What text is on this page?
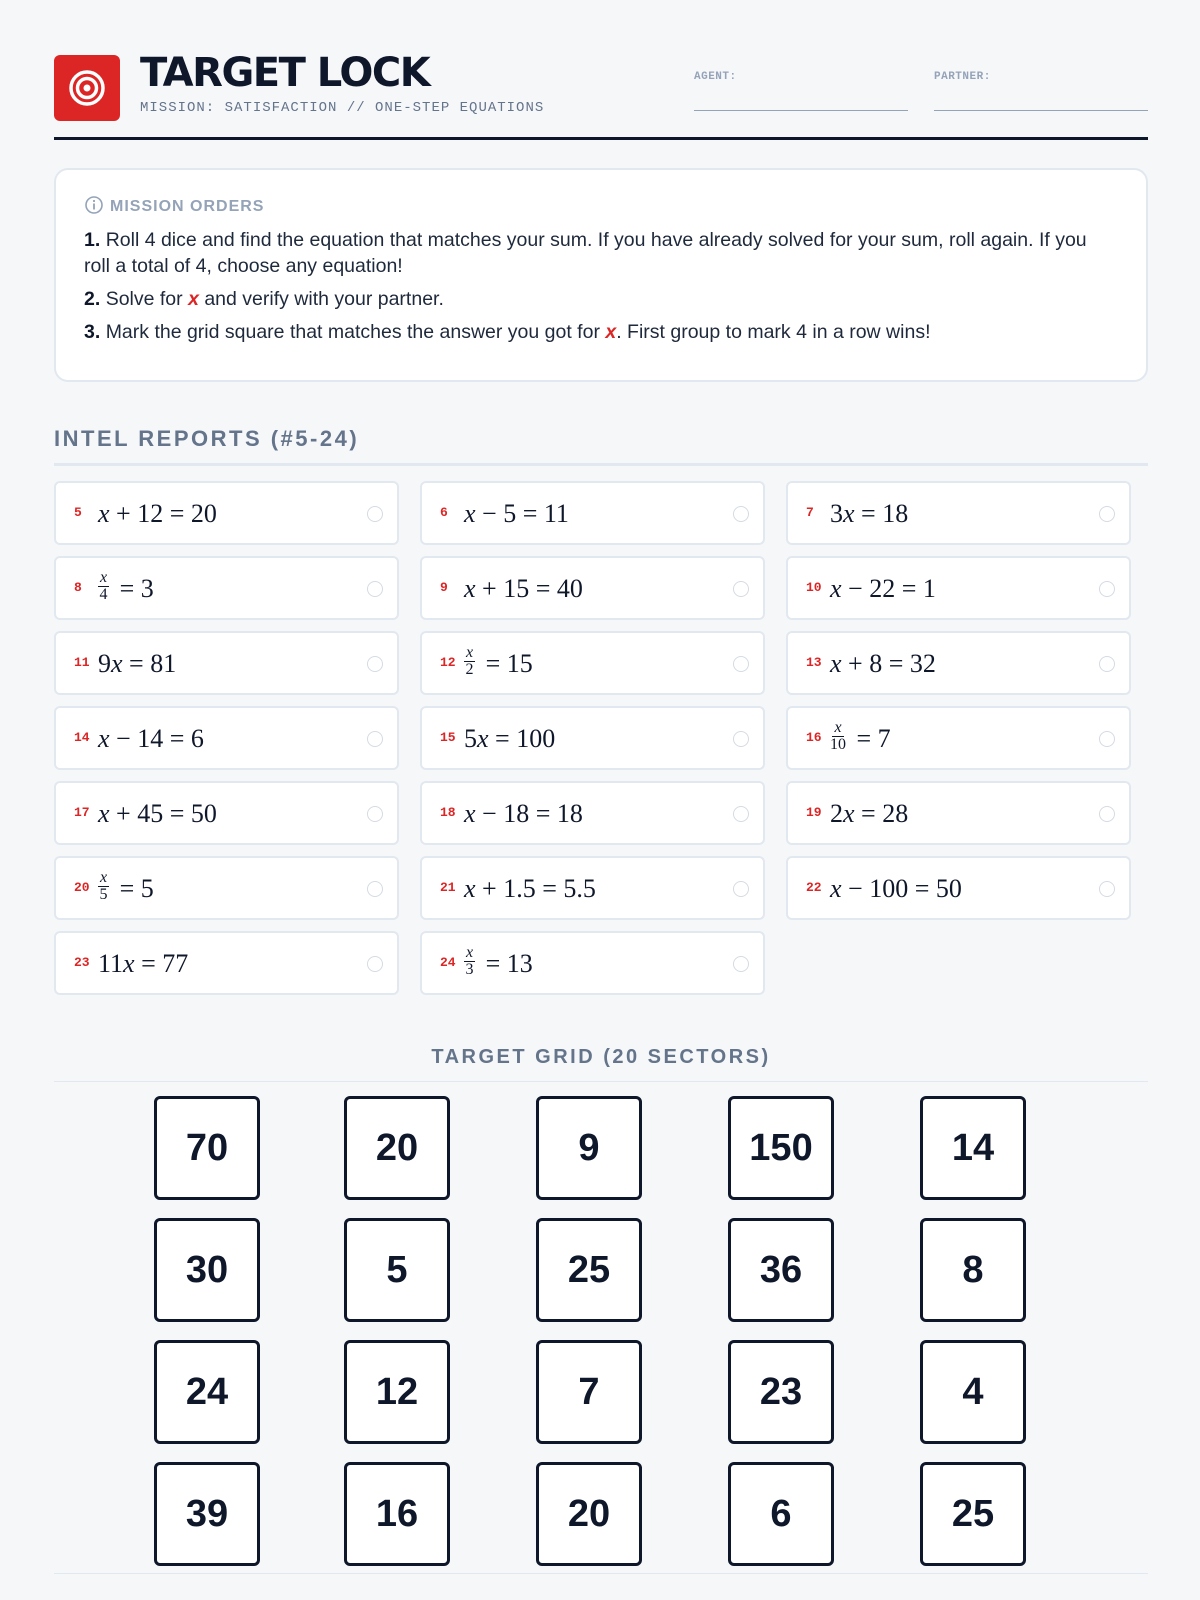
TARGET LOCK
MISSION: SATISFACTION // ONE-STEP EQUATIONS
AGENT:	PARTNER:
MISSION ORDERS
1. Roll 4 dice and find the equation that matches your sum. If you have already solved for your sum, roll again. If you roll a total of 4, choose any equation!
2. Solve for x and verify with your partner.
3. Mark the grid square that matches the answer you got for x. First group to mark 4 in a row wins!
INTEL REPORTS (#5-24)
5 x + 12 = 20	6 x − 5 = 11	7 3x = 18
$8 \frac{x}{4} = 3$	9 x + 15 = 40	10 x − 22 = 1
11 9x = 81	$12 \frac{x}{2} = 15$	13 x + 8 = 32
14 x − 14 = 6	15 5x = 100	$16 \frac{x}{10} = 7$
17 x + 45 = 50	18 x − 18 = 18	19 2x = 28
$20 \frac{x}{5} = 5$	21 x + 1.5 = 5.5	22 x − 100 = 50
23 11x = 77	$24 \frac{x}{3} = 13$
TARGET GRID (20 SECTORS)
70	20	9	150	14
30	5	25	36	8
24	12	7	23	4
39	16	20	6	25
